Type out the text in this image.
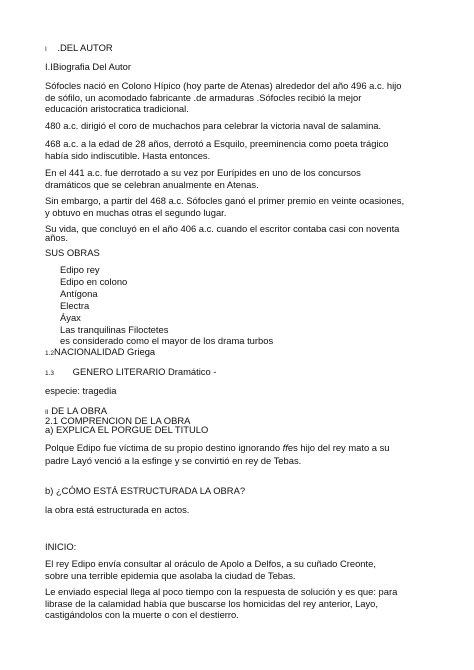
I .DEL AUTOR
I.IBiografia Del Autor
Sófocles nació en Colono Hípico (hoy parte de Atenas) alrededor del año 496 a.c. hijo
de sófilo, un acomodado fabricante .de armaduras .Sófocles recibió la mejor
educación aristocratica tradicional.
480 a.c. dirigió el coro de muchachos para celebrar la victoria naval de salamina.
468 a.c. a la edad de 28 años, derrotó a Esquilo, preeminencia como poeta trágico
había sido indiscutible. Hasta entonces.
En el 441 a.c. fue derrotado a su vez por Eurípides en uno de los concursos
dramáticos que se celebran anualmente en Atenas.
Sin embargo, a partir del 468 a.c. Sófocles ganó el primer premio en veinte ocasiones,
y obtuvo en muchas otras el segundo lugar.
Su vida, que concluyó en el año 406 a.c. cuando el escritor contaba casi con noventa
años.
SUS OBRAS
Edipo rey
Edipo en colono
Antígona
Electra
Áyax
Las tranquilinas Filoctetes
es considerado como el mayor de los drama turbos
1.2NACIONALIDAD Griega
1.3 GENERO LITERARIO Dramático -
especie: tragedia
II DE LA OBRA
2.1 COMPRENCION DE LA OBRA
a) EXPLICA EL PORGUE DEL TITULO
Polque Edipo fue víctima de su propio destino ignorando ffes hijo del rey mato a su
padre Layó venció a la esfinge y se convirtió en rey de Tebas.
b) ¿CÓMO ESTÁ ESTRUCTURADA LA OBRA?
la obra está estructurada en actos.
INICIO:
El rey Edipo envía consultar al oráculo de Apolo a Delfos, a su cuñado Creonte,
sobre una terrible epidemia que asolaba la ciudad de Tebas.
Le enviado especial llega al poco tiempo con la respuesta de solución y es que: para
librase de la calamidad había que buscarse los homicidas del rey anterior, Layo,
castigándolos con la muerte o con el destierro.
